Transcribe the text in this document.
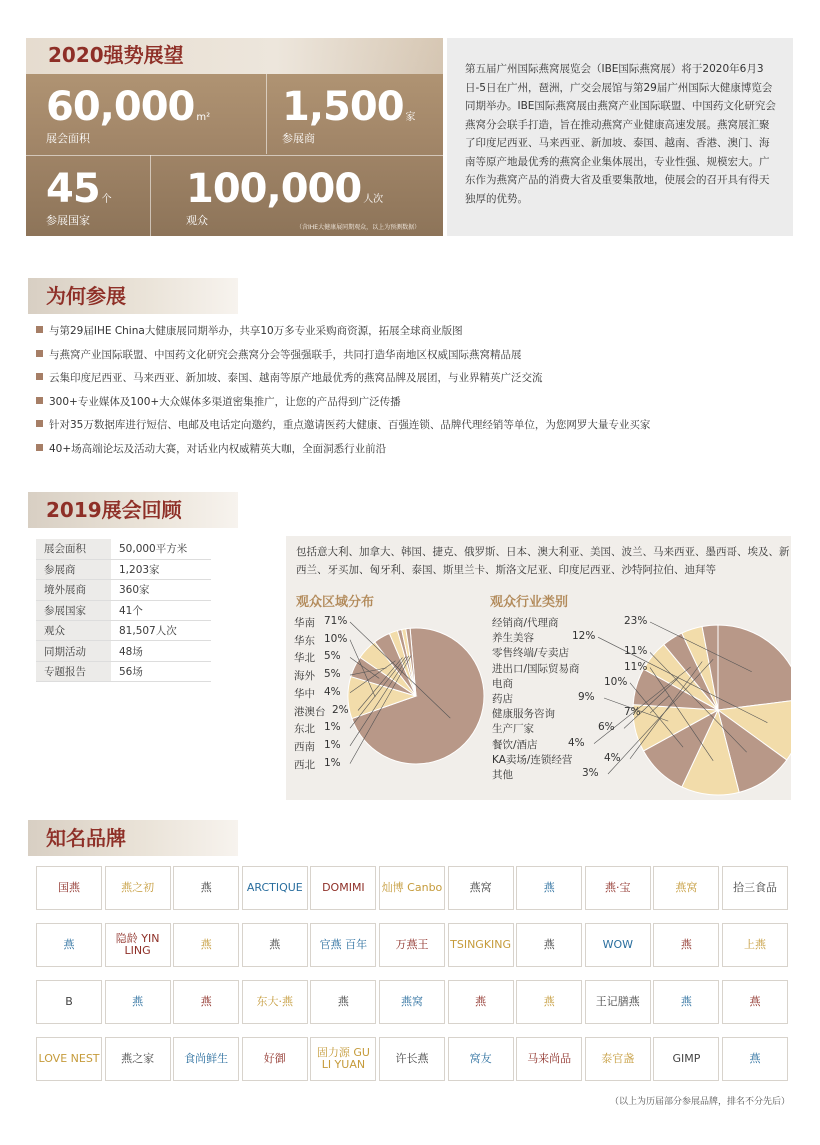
2020强势展望
60,000 m²
展会面积
1,500 家
参展商
45 个
参展国家
100,000 人次
观众
（含IHE大健康展同期观众，以上为预测数据）
第五届广州国际燕窝展览会（IBE国际燕窝展）将于2020年6月3日-5日在广州，琶洲，广交会展馆与第29届广州国际大健康博览会同期举办。IBE国际燕窝展由燕窝产业国际联盟、中国药文化研究会燕窝分会联手打造，旨在推动燕窝产业健康高速发展。燕窝展汇聚了印度尼西亚、马来西亚、新加坡、泰国、越南、香港、澳门、海南等原产地最优秀的燕窝企业集体展出，专业性强、规模宏大。广东作为燕窝产品的消费大省及重要集散地，使展会的召开具有得天独厚的优势。
为何参展
与第29届IHE China大健康展同期举办，共享10万多专业采购商资源，拓展全球商业版图
与燕窝产业国际联盟、中国药文化研究会燕窝分会等强强联手，共同打造华南地区权威国际燕窝精品展
云集印度尼西亚、马来西亚、新加坡、泰国、越南等原产地最优秀的燕窝品牌及展团，与业界精英广泛交流
300+专业媒体及100+大众媒体多渠道密集推广，让您的产品得到广泛传播
针对35万数据库进行短信、电邮及电话定向邀约，重点邀请医药大健康、百强连锁、品牌代理经销等单位，为您网罗大量专业买家
40+场高端论坛及活动大赛，对话业内权威精英大咖，全面洞悉行业前沿
2019展会回顾
展会面积	50,000平方米
参展商	1,203家
境外展商	360家
参展国家	41个
观众	81,507人次
同期活动	48场
专题报告	56场
包括意大利、加拿大、韩国、捷克、俄罗斯、日本、澳大利亚、美国、波兰、马来西亚、墨西哥、埃及、新西兰、牙买加、匈牙利、泰国、斯里兰卡、斯洛文尼亚、印度尼西亚、沙特阿拉伯、迪拜等
观众区域分布	观众行业类别
华南 71%
华东 10%
华北 5%
海外 5%
华中 4%
港澳台 2%
东北 1%
西南 1%
西北 1%
经销商/代理商	23%
养生美容	12%
零售终端/专卖店	11%
进出口/国际贸易商	11%
电商	10%
药店	9%
健康服务咨询	7%
生产厂家	6%
餐饮/酒店	4%
KA卖场/连锁经营	4%
其他	3%
知名品牌
国燕	燕之初	燕	ARCTIQUE	DOMIMI	灿博 Canbo	燕窝	燕	燕·宝	燕窝	拾三食品
燕	隐龄 YIN LING	燕	燕	官燕 百年	万燕王	TSINGKING	燕	WOW	燕	上燕
B	燕	燕	东大·燕	燕	燕窝	燕	燕	王记膳燕	燕	燕
LOVE NEST	燕之家	食尚鲜生	好御	固力源 GU LI YUAN	许长燕	窝友	马来尚品	泰官盏	GIMP	燕
（以上为历届部分参展品牌，排名不分先后）
